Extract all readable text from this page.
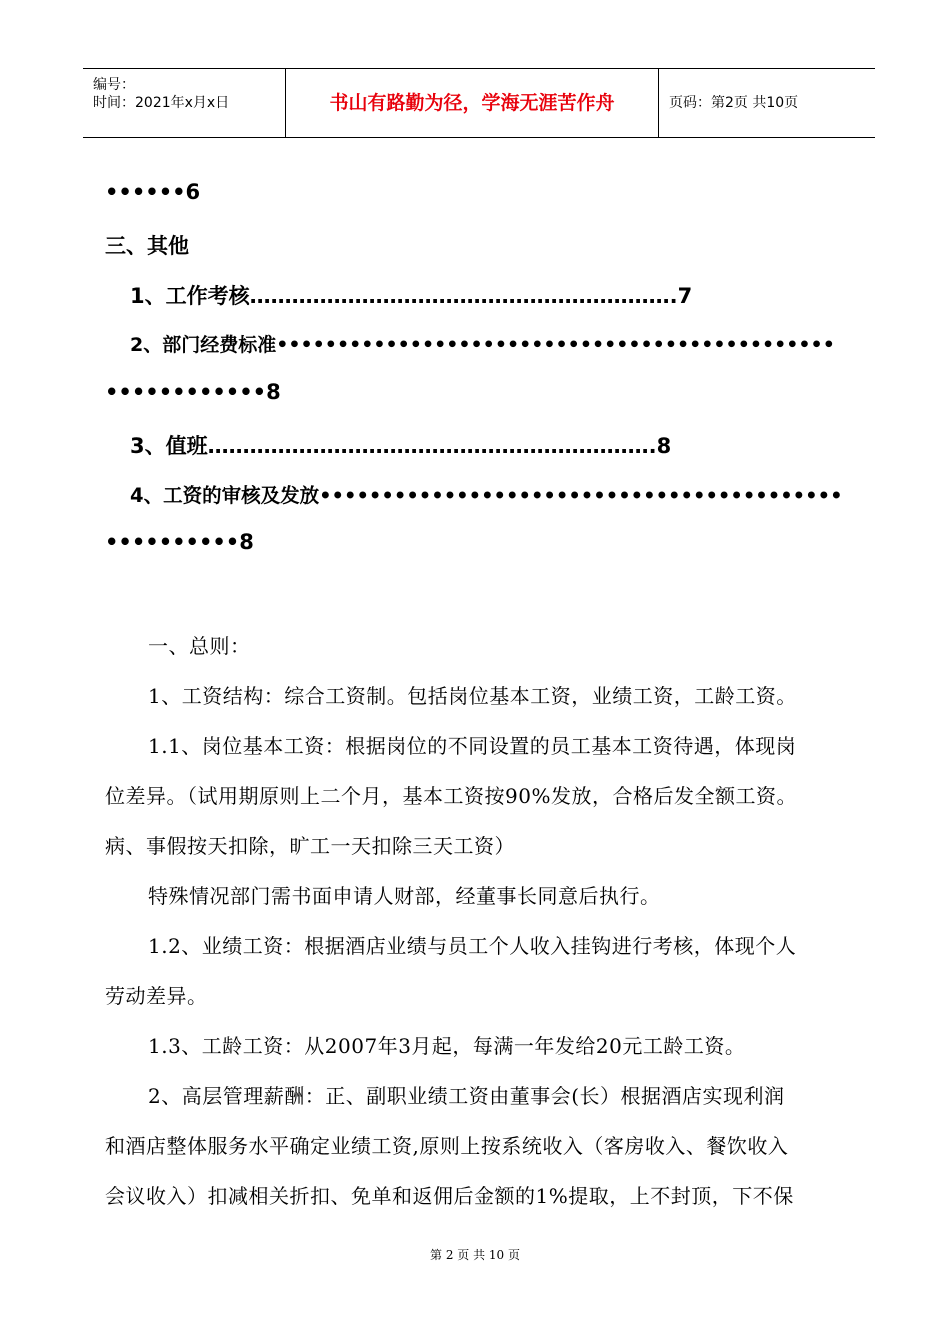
编号：
时间：2021年x月x日	书山有路勤为径，学海无涯苦作舟	页码：第2页 共10页
••••••6
三、其他
1、工作考核…………………………………………………….7
2、部门经费标准••••••••••••••••••••••••••••••••••••••••••••••
••••••••••••8
3、值班……………………………………………………….8
4、工资的审核及发放••••••••••••••••••••••••••••••••••••••••••
••••••••••8
一、总则：
1、工资结构：综合工资制。包括岗位基本工资，业绩工资，工龄工资。
1.1、岗位基本工资：根据岗位的不同设置的员工基本工资待遇，体现岗
位差异。（试用期原则上二个月，基本工资按90%发放，合格后发全额工资。
病、事假按天扣除，旷工一天扣除三天工资）
特殊情况部门需书面申请人财部，经董事长同意后执行。
1.2、业绩工资：根据酒店业绩与员工个人收入挂钩进行考核，体现个人
劳动差异。
1.3、工龄工资：从2007年3月起，每满一年发给20元工龄工资。
2、高层管理薪酬：正、副职业绩工资由董事会(长）根据酒店实现利润
和酒店整体服务水平确定业绩工资,原则上按系统收入（客房收入、餐饮收入
会议收入）扣减相关折扣、免单和返佣后金额的1%提取，上不封顶，下不保
第 2 页 共 10 页
